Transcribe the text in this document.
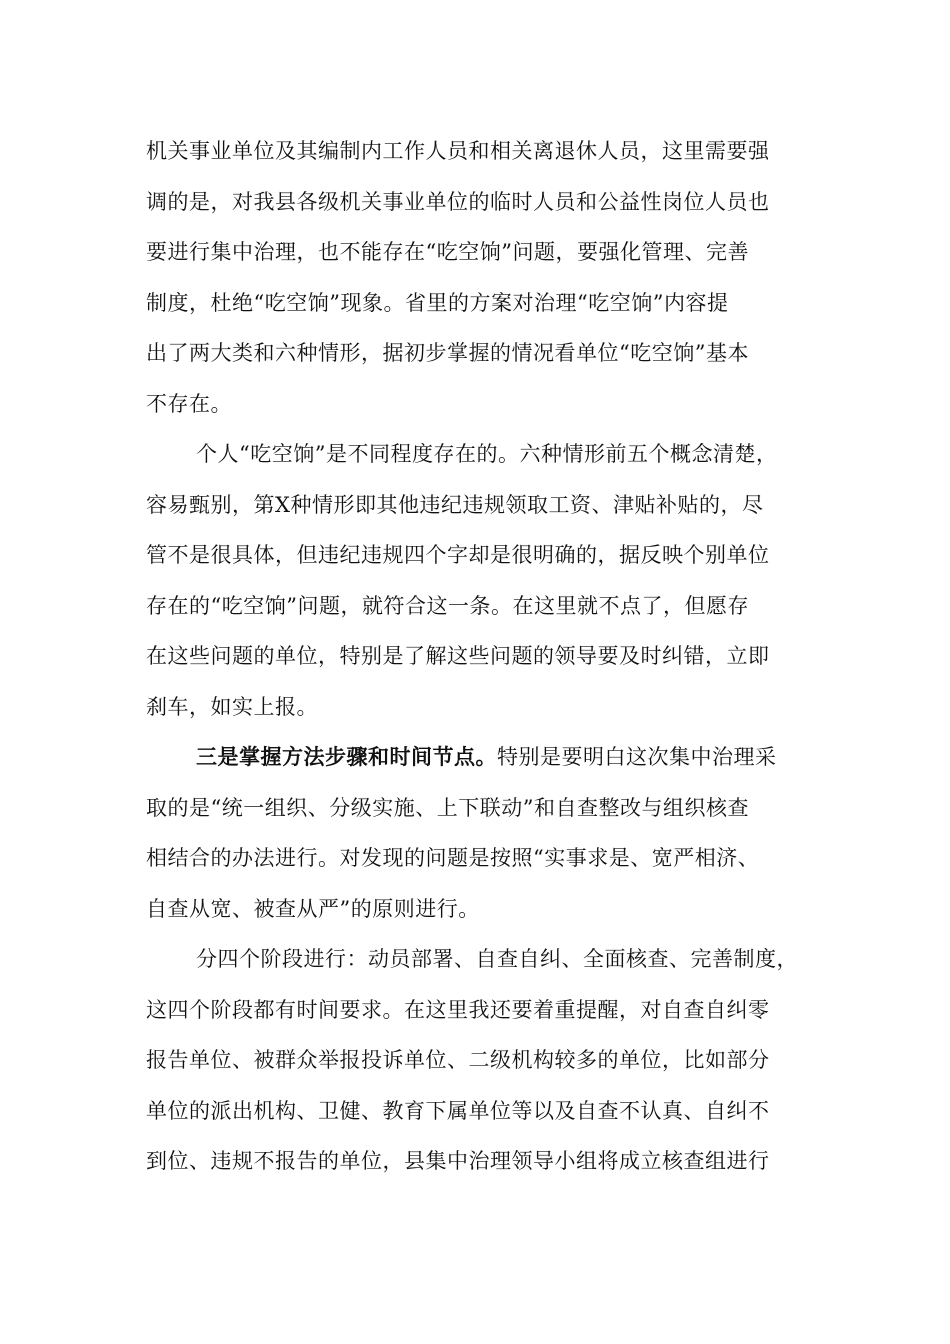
机关事业单位及其编制内工作人员和相关离退休人员，这里需要强
调的是，对我县各级机关事业单位的临时人员和公益性岗位人员也
要进行集中治理，也不能存在“吃空饷”问题，要强化管理、完善
制度，杜绝“吃空饷”现象。省里的方案对治理“吃空饷”内容提
出了两大类和六种情形，据初步掌握的情况看单位“吃空饷”基本
不存在。
个人“吃空饷”是不同程度存在的。六种情形前五个概念清楚，
容易甄别，第X种情形即其他违纪违规领取工资、津贴补贴的，尽
管不是很具体，但违纪违规四个字却是很明确的，据反映个别单位
存在的“吃空饷”问题，就符合这一条。在这里就不点了，但愿存
在这些问题的单位，特别是了解这些问题的领导要及时纠错，立即
刹车，如实上报。
三是掌握方法步骤和时间节点。特别是要明白这次集中治理采
取的是“统一组织、分级实施、上下联动”和自查整改与组织核查
相结合的办法进行。对发现的问题是按照“实事求是、宽严相济、
自查从宽、被查从严”的原则进行。
分四个阶段进行：动员部署、自查自纠、全面核查、完善制度，
这四个阶段都有时间要求。在这里我还要着重提醒，对自查自纠零
报告单位、被群众举报投诉单位、二级机构较多的单位，比如部分
单位的派出机构、卫健、教育下属单位等以及自查不认真、自纠不
到位、违规不报告的单位，县集中治理领导小组将成立核查组进行
